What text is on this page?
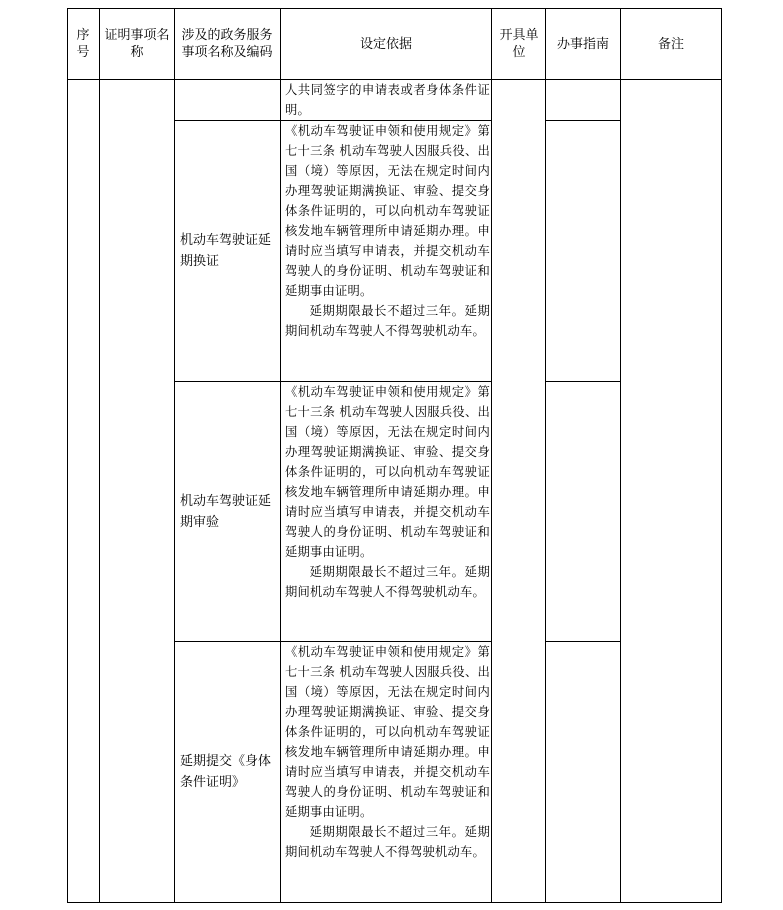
序号
证明事项名称
涉及的政务服务事项名称及编码
设定依据
开具单位
办事指南	备注

人共同签字的申请表或者身体条件证明。

机动车驾驶证延期换证

《机动车驾驶证申领和使用规定》第七十三条 机动车驾驶人因服兵役、出国（境）等原因，无法在规定时间内办理驾驶证期满换证、审验、提交身体条件证明的，可以向机动车驾驶证核发地车辆管理所申请延期办理。申请时应当填写申请表，并提交机动车驾驶人的身份证明、机动车驾驶证和延期事由证明。

延期期限最长不超过三年。延期期间机动车驾驶人不得驾驶机动车。

机动车驾驶证延期审验

《机动车驾驶证申领和使用规定》第七十三条 机动车驾驶人因服兵役、出国（境）等原因，无法在规定时间内办理驾驶证期满换证、审验、提交身体条件证明的，可以向机动车驾驶证核发地车辆管理所申请延期办理。申请时应当填写申请表，并提交机动车驾驶人的身份证明、机动车驾驶证和延期事由证明。

延期期限最长不超过三年。延期期间机动车驾驶人不得驾驶机动车。

延期提交《身体条件证明》

《机动车驾驶证申领和使用规定》第七十三条 机动车驾驶人因服兵役、出国（境）等原因，无法在规定时间内办理驾驶证期满换证、审验、提交身体条件证明的，可以向机动车驾驶证核发地车辆管理所申请延期办理。申请时应当填写申请表，并提交机动车驾驶人的身份证明、机动车驾驶证和延期事由证明。

延期期限最长不超过三年。延期期间机动车驾驶人不得驾驶机动车。
